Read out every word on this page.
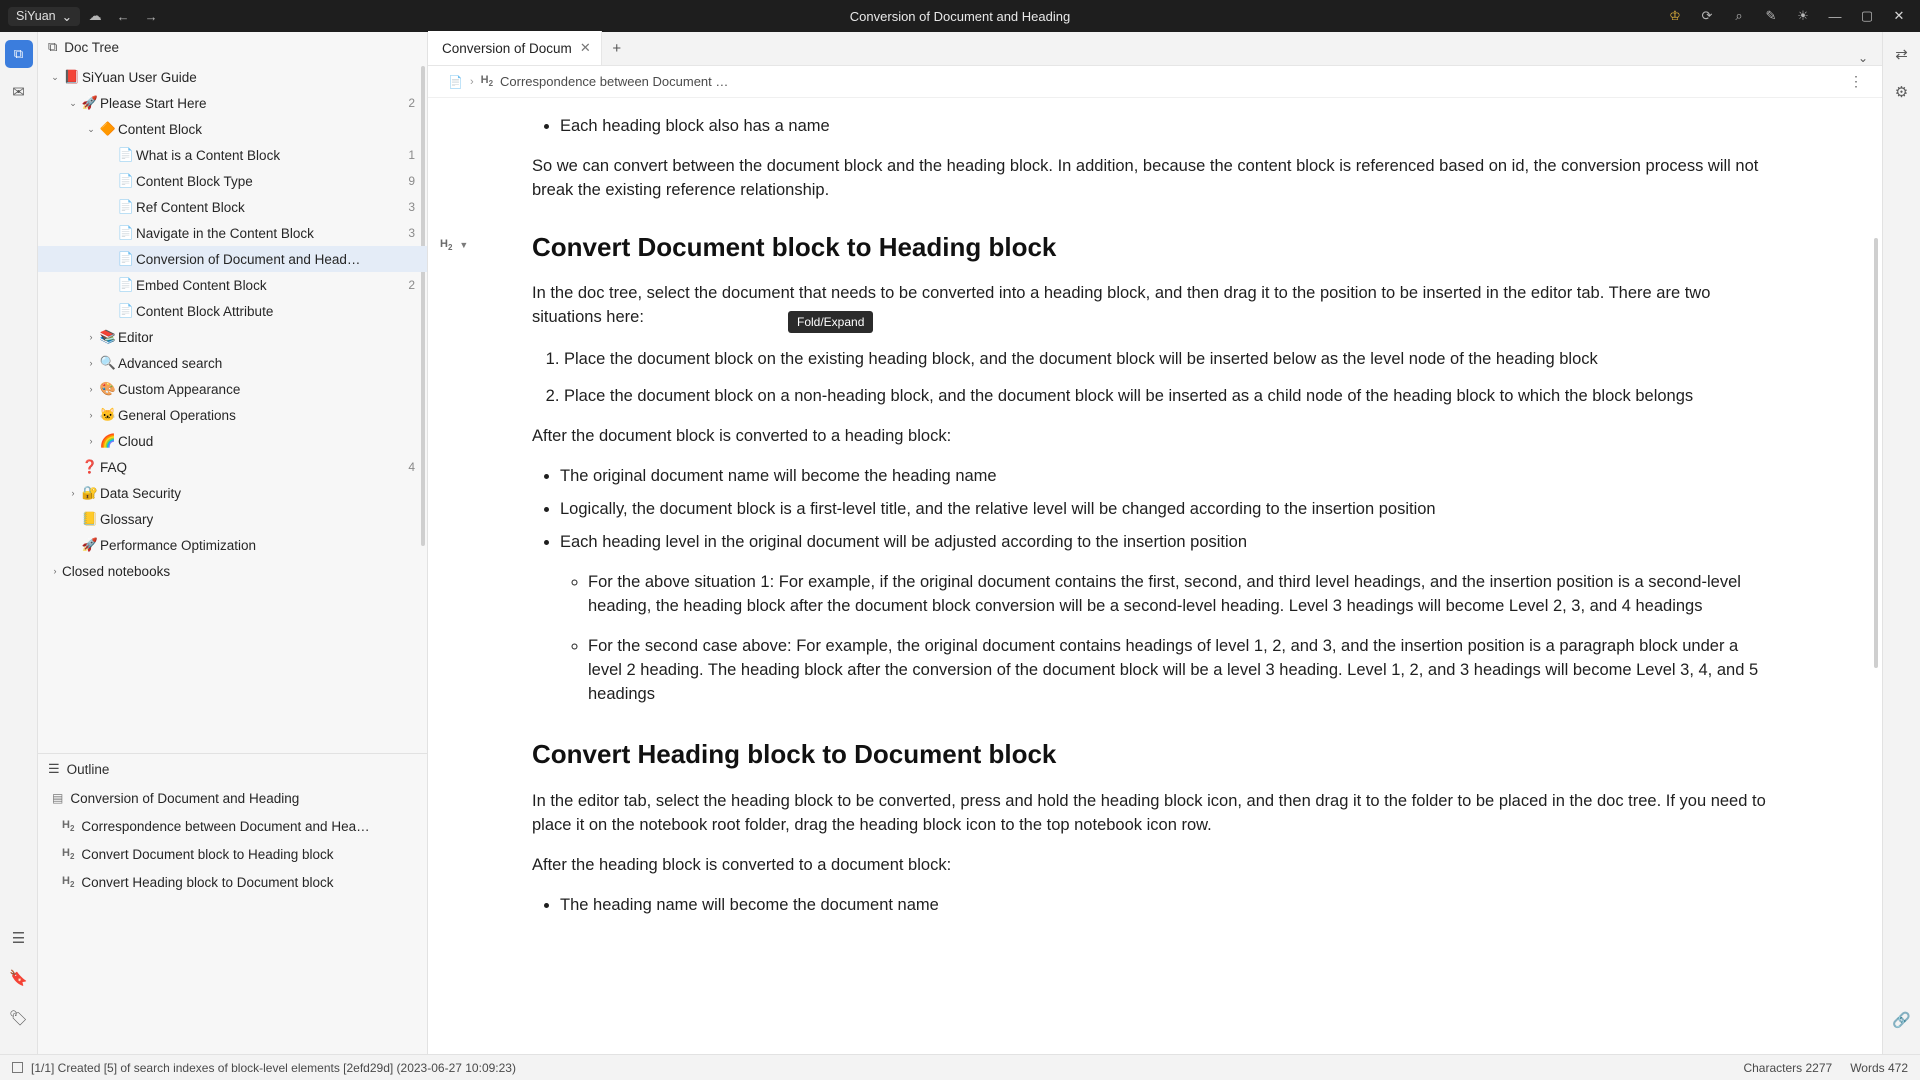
SiYuan ⌄	☁	←	→	Conversion of Document and Heading	♔	⟳	⌕	✎	☀	—	▢	✕
⧉
✉
☰
🔖
🏷
⧉ Doc Tree
⌄ 📕 SiYuan User Guide
⌄ 🚀 Please Start Here	2
⌄ 🔶 Content Block
📄 What is a Content Block	1
📄 Content Block Type	9
📄 Ref Content Block	3
📄 Navigate in the Content Block	3
📄 Conversion of Document and Head…
📄 Embed Content Block	2
📄 Content Block Attribute
› 📚 Editor
› 🔍 Advanced search
› 🎨 Custom Appearance
› 🐱 General Operations
› 🌈 Cloud
❓ FAQ	4
› 🔐 Data Security
📒 Glossary
🚀 Performance Optimization
› Closed notebooks
☰ Outline
▤ Conversion of Document and Heading
$H_2$ Correspondence between Document and Hea…
$H_2$ Convert Document block to Heading block
$H_2$ Convert Heading block to Document block
Conversion of Docum ✕	+
⌄
📄 › $H_2$ Correspondence between Document …	⋮
Fold/Expand
• Each heading block also has a name

So we can convert between the document block and the heading block. In addition, because the content block is referenced based on id, the conversion process will not break the existing reference relationship.

$H_2$ ▼ Convert Document block to Heading block

In the doc tree, select the document that needs to be converted into a heading block, and then drag it to the position to be inserted in the editor tab. There are two situations here:

1. Place the document block on the existing heading block, and the document block will be inserted below as the level node of the heading block
2. Place the document block on a non-heading block, and the document block will be inserted as a child node of the heading block to which the block belongs

After the document block is converted to a heading block:

• The original document name will become the heading name
• Logically, the document block is a first-level title, and the relative level will be changed according to the insertion position
• Each heading level in the original document will be adjusted according to the insertion position
◦ For the above situation 1: For example, if the original document contains the first, second, and third level headings, and the insertion position is a second-level heading, the heading block after the document block conversion will be a second-level heading. Level 3 headings will become Level 2, 3, and 4 headings
◦ For the second case above: For example, the original document contains headings of level 1, 2, and 3, and the insertion position is a paragraph block under a level 2 heading. The heading block after the conversion of the document block will be a level 3 heading. Level 1, 2, and 3 headings will become Level 3, 4, and 5 headings
Convert Heading block to Document block

In the editor tab, select the heading block to be converted, press and hold the heading block icon, and then drag it to the folder to be placed in the doc tree. If you need to place it on the notebook root folder, drag the heading block icon to the top notebook icon row.

After the heading block is converted to a document block:

• The heading name will become the document name
⇄
⚙
🔗
[1/1] Created [5] of search indexes of block-level elements [2efd29d] (2023-06-27 10:09:23)	Characters 2277 Words 472
